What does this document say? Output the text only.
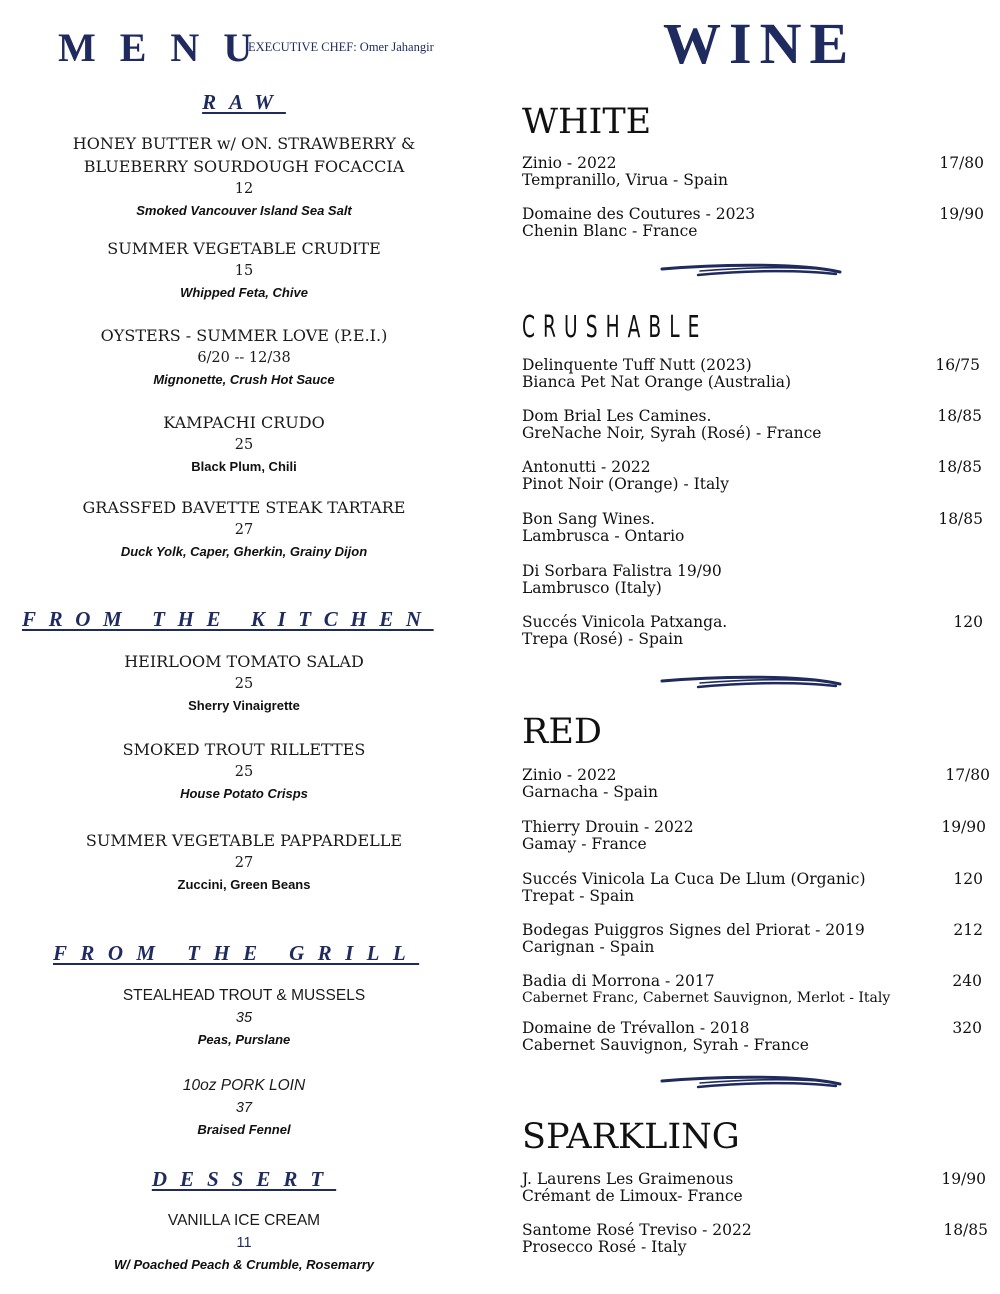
MENU
EXECUTIVE CHEF: Omer Jahangir
RAW
HONEY BUTTER w/ ON. STRAWBERRY &
BLUEBERRY SOURDOUGH FOCACCIA
12
Smoked Vancouver Island Sea Salt
SUMMER VEGETABLE CRUDITE
15
Whipped Feta, Chive
OYSTERS - SUMMER LOVE (P.E.I.)
6/20 -- 12/38
Mignonette, Crush Hot Sauce
KAMPACHI CRUDO
25
Black Plum, Chili
GRASSFED BAVETTE STEAK TARTARE
27
Duck Yolk, Caper, Gherkin, Grainy Dijon
FROM THE KITCHEN
HEIRLOOM TOMATO SALAD
25
Sherry Vinaigrette
SMOKED TROUT RILLETTES
25
House Potato Crisps
SUMMER VEGETABLE PAPPARDELLE
27
Zuccini, Green Beans
FROM THE GRILL
STEALHEAD TROUT & MUSSELS
35
Peas, Purslane
10oz PORK LOIN
37
Braised Fennel
DESSERT
VANILLA ICE CREAM
11
W/ Poached Peach & Crumble, Rosemarry
WINE
WHITE
Zinio - 2022	17/80
Tempranillo, Virua - Spain
Domaine des Coutures - 2023	19/90
Chenin Blanc - France
CRUSHABLE
Delinquente Tuff Nutt (2023)	16/75
Bianca Pet Nat Orange (Australia)
Dom Brial Les Camines.	18/85
GreNache Noir, Syrah (Rosé) - France
Antonutti - 2022	18/85
Pinot Noir (Orange) - Italy
Bon Sang Wines.	18/85
Lambrusca - Ontario
Di Sorbara Falistra 19/90
Lambrusco (Italy)
Succés Vinicola Patxanga.	120
Trepa (Rosé) - Spain
RED
Zinio - 2022	17/80
Garnacha - Spain
Thierry Drouin - 2022	19/90
Gamay - France
Succés Vinicola La Cuca De Llum (Organic)	120
Trepat - Spain
Bodegas Puiggros Signes del Priorat - 2019	212
Carignan - Spain
Badia di Morrona - 2017	240
Cabernet Franc, Cabernet Sauvignon, Merlot - Italy
Domaine de Trévallon - 2018	320
Cabernet Sauvignon, Syrah - France
SPARKLING
J. Laurens Les Graimenous	19/90
Crémant de Limoux- France
Santome Rosé Treviso - 2022	18/85
Prosecco Rosé - Italy
